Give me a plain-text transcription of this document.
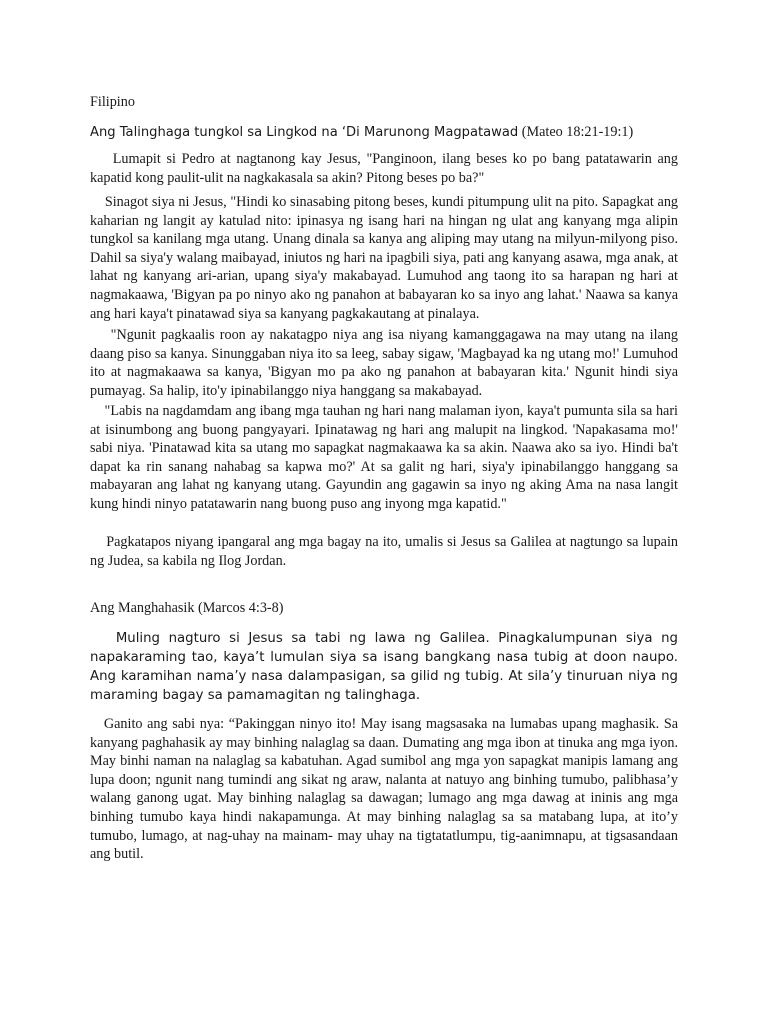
Filipino

Ang Talinghaga tungkol sa Lingkod na ‘Di Marunong Magpatawad (Mateo 18:21-19:1)

Lumapit si Pedro at nagtanong kay Jesus, "Panginoon, ilang beses ko po bang patatawarin ang kapatid kong paulit-ulit na nagkakasala sa akin? Pitong beses po ba?"

Sinagot siya ni Jesus, "Hindi ko sinasabing pitong beses, kundi pitumpung ulit na pito. Sapagkat ang kaharian ng langit ay katulad nito: ipinasya ng isang hari na hingan ng ulat ang kanyang mga alipin tungkol sa kanilang mga utang. Unang dinala sa kanya ang aliping may utang na milyun-milyong piso. Dahil sa siya'y walang maibayad, iniutos ng hari na ipagbili siya, pati ang kanyang asawa, mga anak, at lahat ng kanyang ari-arian, upang siya'y makabayad. Lumuhod ang taong ito sa harapan ng hari at nagmakaawa, 'Bigyan pa po ninyo ako ng panahon at babayaran ko sa inyo ang lahat.' Naawa sa kanya ang hari kaya't pinatawad siya sa kanyang pagkakautang at pinalaya.

"Ngunit pagkaalis roon ay nakatagpo niya ang isa niyang kamanggagawa na may utang na ilang daang piso sa kanya. Sinunggaban niya ito sa leeg, sabay sigaw, 'Magbayad ka ng utang mo!' Lumuhod ito at nagmakaawa sa kanya, 'Bigyan mo pa ako ng panahon at babayaran kita.' Ngunit hindi siya pumayag. Sa halip, ito'y ipinabilanggo niya hanggang sa makabayad.

"Labis na nagdamdam ang ibang mga tauhan ng hari nang malaman iyon, kaya't pumunta sila sa hari at isinumbong ang buong pangyayari. Ipinatawag ng hari ang malupit na lingkod. 'Napakasama mo!' sabi niya. 'Pinatawad kita sa utang mo sapagkat nagmakaawa ka sa akin. Naawa ako sa iyo. Hindi ba't dapat ka rin sanang nahabag sa kapwa mo?' At sa galit ng hari, siya'y ipinabilanggo hanggang sa mabayaran ang lahat ng kanyang utang. Gayundin ang gagawin sa inyo ng aking Ama na nasa langit kung hindi ninyo patatawarin nang buong puso ang inyong mga kapatid."

Pagkatapos niyang ipangaral ang mga bagay na ito, umalis si Jesus sa Galilea at nagtungo sa lupain ng Judea, sa kabila ng Ilog Jordan.

Ang Manghahasik (Marcos 4:3-8)

Muling nagturo si Jesus sa tabi ng lawa ng Galilea. Pinagkalumpunan siya ng napakaraming tao, kaya’t lumulan siya sa isang bangkang nasa tubig at doon naupo. Ang karamihan nama’y nasa dalampasigan, sa gilid ng tubig. At sila’y tinuruan niya ng maraming bagay sa pamamagitan ng talinghaga.

Ganito ang sabi nya: “Pakinggan ninyo ito! May isang magsasaka na lumabas upang maghasik. Sa kanyang paghahasik ay may binhing nalaglag sa daan. Dumating ang mga ibon at tinuka ang mga iyon. May binhi naman na nalaglag sa kabatuhan. Agad sumibol ang mga yon sapagkat manipis lamang ang lupa doon; ngunit nang tumindi ang sikat ng araw, nalanta at natuyo ang binhing tumubo, palibhasa’y walang ganong ugat. May binhing nalaglag sa dawagan; lumago ang mga dawag at ininis ang mga binhing tumubo kaya hindi nakapamunga. At may binhing nalaglag sa sa matabang lupa, at ito’y tumubo, lumago, at nag-uhay na mainam- may uhay na tigtatatlumpu, tig-aanimnapu, at tigsasandaan ang butil.
